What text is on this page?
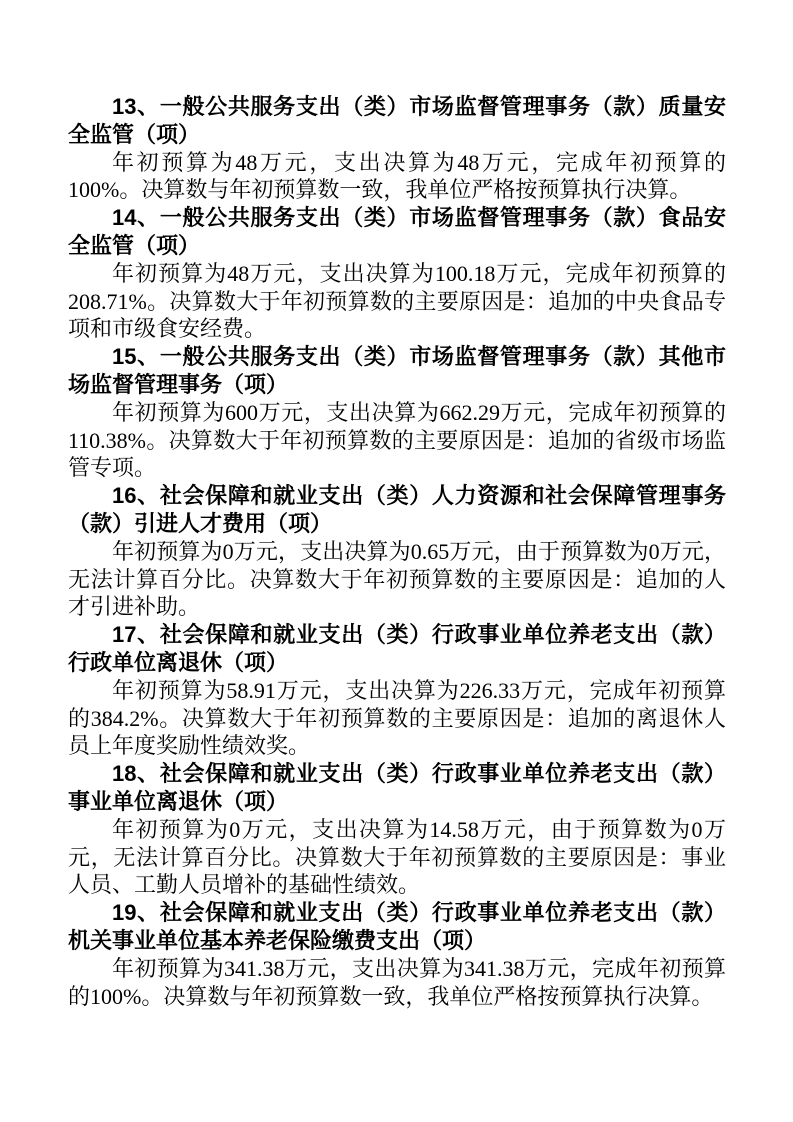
13、一般公共服务支出（类）市场监督管理事务（款）质量安全监管（项）

年初预算为48万元，支出决算为48万元，完成年初预算的100%。决算数与年初预算数一致，我单位严格按预算执行决算。

14、一般公共服务支出（类）市场监督管理事务（款）食品安全监管（项）

年初预算为48万元，支出决算为100.18万元，完成年初预算的208.71%。决算数大于年初预算数的主要原因是：追加的中央食品专项和市级食安经费。

15、一般公共服务支出（类）市场监督管理事务（款）其他市场监督管理事务（项）

年初预算为600万元，支出决算为662.29万元，完成年初预算的110.38%。决算数大于年初预算数的主要原因是：追加的省级市场监管专项。

16、社会保障和就业支出（类）人力资源和社会保障管理事务（款）引进人才费用（项）

年初预算为0万元，支出决算为0.65万元，由于预算数为0万元，无法计算百分比。决算数大于年初预算数的主要原因是：追加的人才引进补助。

17、社会保障和就业支出（类）行政事业单位养老支出（款）行政单位离退休（项）

年初预算为58.91万元，支出决算为226.33万元，完成年初预算的384.2%。决算数大于年初预算数的主要原因是：追加的离退休人员上年度奖励性绩效奖。

18、社会保障和就业支出（类）行政事业单位养老支出（款）事业单位离退休（项）

年初预算为0万元，支出决算为14.58万元，由于预算数为0万元，无法计算百分比。决算数大于年初预算数的主要原因是：事业人员、工勤人员增补的基础性绩效。

19、社会保障和就业支出（类）行政事业单位养老支出（款）机关事业单位基本养老保险缴费支出（项）

年初预算为341.38万元，支出决算为341.38万元，完成年初预算的100%。决算数与年初预算数一致，我单位严格按预算执行决算。
